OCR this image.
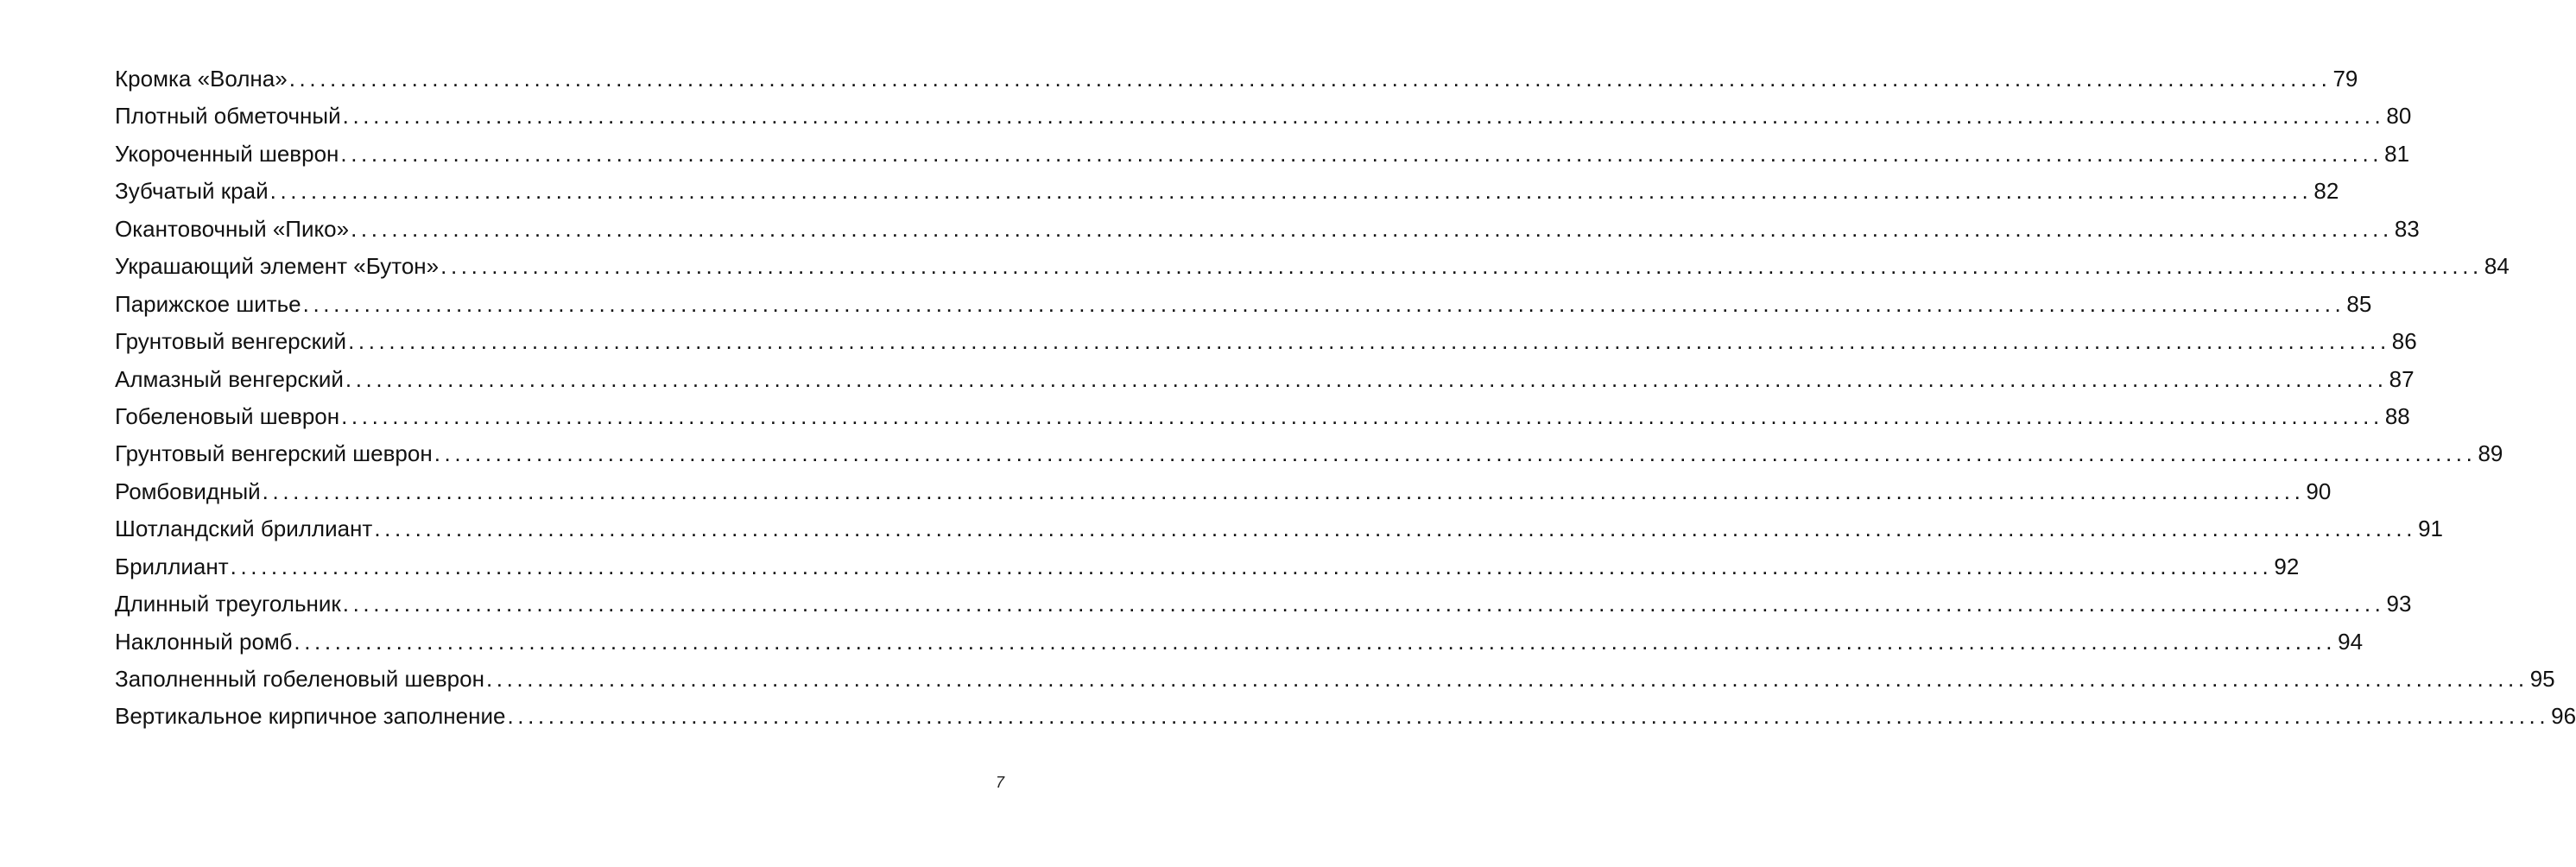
Кромка «Волна» ........................................................................................................................................................................................................ 79
Плотный обметочный ........................................................................................................................................................................................................ 80
Укороченный шеврон ........................................................................................................................................................................................................ 81
Зубчатый край ........................................................................................................................................................................................................ 82
Окантовочный «Пико» ........................................................................................................................................................................................................ 83
Украшающий элемент «Бутон» ........................................................................................................................................................................................................ 84
Парижское шитье ........................................................................................................................................................................................................ 85
Грунтовый венгерский ........................................................................................................................................................................................................ 86
Алмазный венгерский ........................................................................................................................................................................................................ 87
Гобеленовый шеврон ........................................................................................................................................................................................................ 88
Грунтовый венгерский шеврон ........................................................................................................................................................................................................ 89
Ромбовидный ........................................................................................................................................................................................................ 90
Шотландский бриллиант ........................................................................................................................................................................................................ 91
Бриллиант ........................................................................................................................................................................................................ 92
Длинный треугольник ........................................................................................................................................................................................................ 93
Наклонный ромб ........................................................................................................................................................................................................ 94
Заполненный гобеленовый шеврон ........................................................................................................................................................................................................ 95
Вертикальное кирпичное заполнение ........................................................................................................................................................................................................ 96
7
